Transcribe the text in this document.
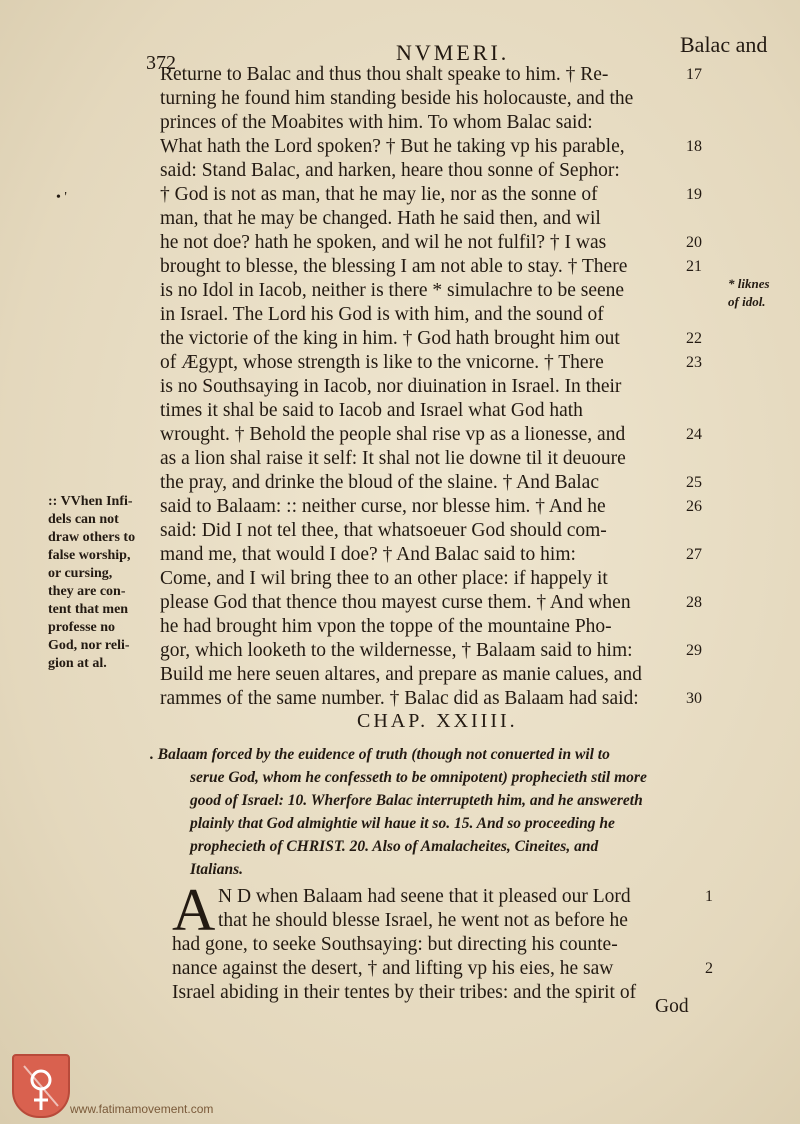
372	NVMERI.	Balac and
Returne to Balac and thus thou shalt speake to him. † Re-
turning he found him standing beside his holocauste, and the
princes of the Moabites with him. To whom Balac said:
What hath the Lord spoken? † But he taking vp his parable,
said: Stand Balac, and harken, heare thou sonne of Sephor:
† God is not as man, that he may lie, nor as the sonne of
man, that he may be changed. Hath he said then, and wil
he not doe? hath he spoken, and wil he not fulfil? † I was
brought to blesse, the blessing I am not able to stay. † There
is no Idol in Iacob, neither is there * simulachre to be seene
in Israel. The Lord his God is with him, and the sound of
the victorie of the king in him. † God hath brought him out
of Ægypt, whose strength is like to the vnicorne. † There
is no Southsaying in Iacob, nor diuination in Israel. In their
times it shal be said to Iacob and Israel what God hath
wrought. † Behold the people shal rise vp as a lionesse, and
as a lion shal raise it self: It shal not lie downe til it deuoure
the pray, and drinke the bloud of the slaine. † And Balac
said to Balaam: :: neither curse, nor blesse him. † And he
said: Did I not tel thee, that whatsoeuer God should com-
mand me, that would I doe? † And Balac said to him:
Come, and I wil bring thee to an other place: if happely it
please God that thence thou mayest curse them. † And when
he had brought him vpon the toppe of the mountaine Pho-
gor, which looketh to the wildernesse, † Balaam said to him:
Build me here seuen altares, and prepare as manie calues, and
rammes of the same number. † Balac did as Balaam had said:
17
18
19
20
21
22
23
24
25
26
27
28
29
30
• '
:: VVhen Infi-
dels can not
draw others to
false worship,
or cursing,
they are con-
tent that men
professe no
God, nor reli-
gion at al.
* liknes
of idol.
CHAP. XXIIII.
. Balaam forced by the euidence of truth (though not conuerted in wil to
serue God, whom he confesseth to be omnipotent) prophecieth stil more
good of Israel: 10. Wherfore Balac interrupteth him, and he answereth
plainly that God almightie wil haue it so. 15. And so proceeding he
prophecieth of CHRIST. 20. Also of Amalacheites, Cineites, and
Italians.
A N D when Balaam had seene that it pleased our Lord
that he should blesse Israel, he went not as before he
had gone, to seeke Southsaying: but directing his counte-
nance against the desert, † and lifting vp his eies, he saw
Israel abiding in their tentes by their tribes: and the spirit of
1
2
God
www.fatimamovement.com
